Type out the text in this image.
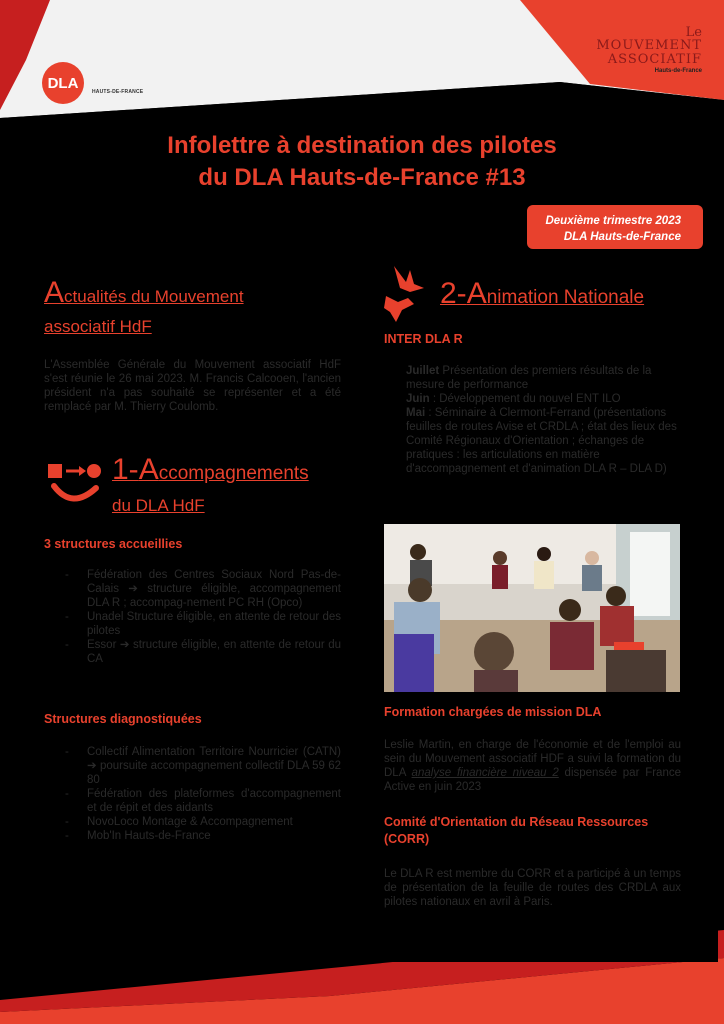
DLA
HAUTS-DE-FRANCE
Le
MOUVEMENT
ASSOCIATIF
Hauts-de-France
Infolettre à destination des pilotes
du DLA Hauts-de-France #13
Deuxième trimestre 2023
DLA Hauts-de-France
Actualités du Mouvement
associatif HdF
L'Assemblée Générale du Mouvement associatif HdF s'est réunie le 26 mai 2023. M. Francis Calcooen, l'ancien président n'a pas souhaité se représenter et a été remplacé par M. Thierry Coulomb.
1-Accompagnements
du DLA HdF
3 structures accueillies
- Fédération des Centres Sociaux Nord Pas-de-Calais ➔ structure éligible, accompagnement DLA R ; accompag-nement PC RH (Opco)
- Unadel Structure éligible, en attente de retour des pilotes
- Essor ➔ structure éligible, en attente de retour du CA
Structures diagnostiquées
- Collectif Alimentation Territoire Nourricier (CATN) ➔ poursuite accompagnement collectif DLA 59 62 80
- Fédération des plateformes d'accompagnement et de répit et des aidants
- NovoLoco Montage & Accompagnement
- Mob'In Hauts-de-France
2-Animation Nationale
INTER DLA R
Juillet Présentation des premiers résultats de la mesure de performance
Juin : Développement du nouvel ENT ILO
Mai : Séminaire à Clermont-Ferrand (présentations feuilles de routes Avise et CRDLA ; état des lieux des Comité Régionaux d'Orientation ; échanges de pratiques : les articulations en matière d'accompagnement et d'animation DLA R – DLA D)
Formation chargées de mission DLA
Leslie Martin, en charge de l'économie et de l'emploi au sein du Mouvement associatif HDF a suivi la formation du DLA analyse financière niveau 2 dispensée par France Active en juin 2023
Comité d'Orientation du Réseau Ressources (CORR)
Le DLA R est membre du CORR et a participé à un temps de présentation de la feuille de routes des CRDLA aux pilotes nationaux en avril à Paris.
